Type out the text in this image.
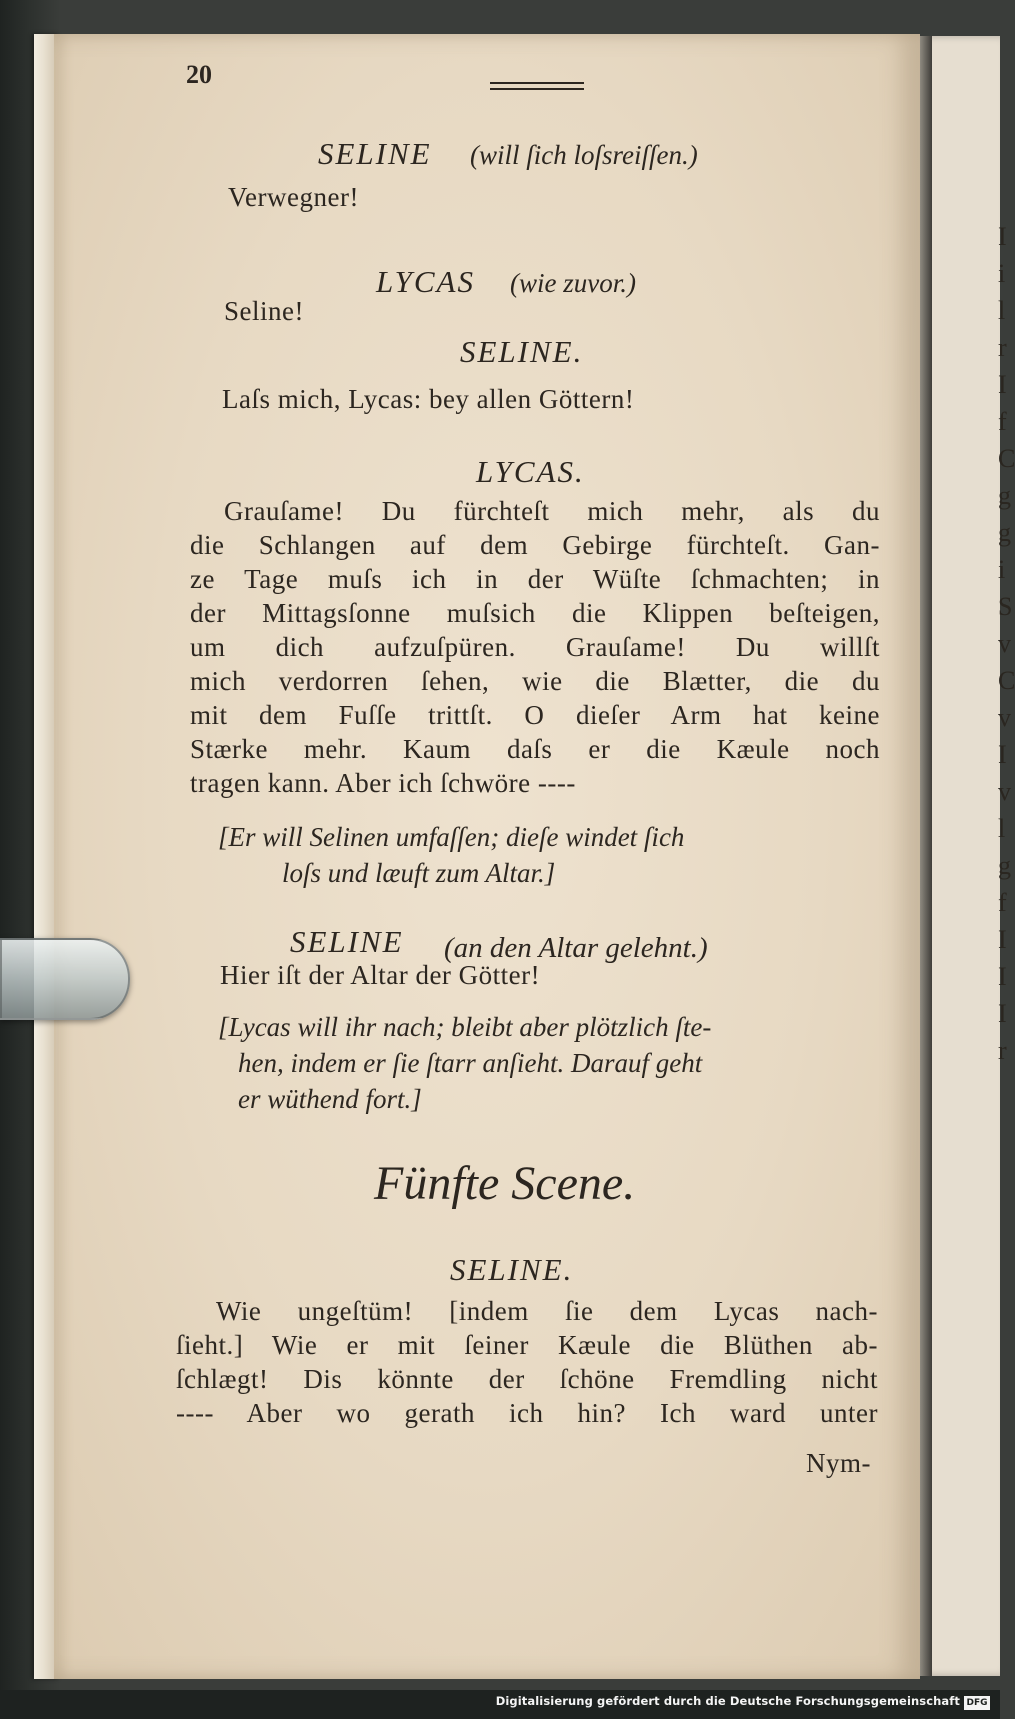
I
i
l
r
I
f
C
g
g
i
S
v
C
v
I
v
l
g
f
I
I
I
r
20
SELINE (will ſich loſsreiſſen.)
Verwegner!
LYCAS (wie zuvor.)
Seline!
SELINE.
Laſs mich, Lycas: bey allen Göttern!
LYCAS.
Grauſame! Du fürchteſt mich mehr, als du
die Schlangen auf dem Gebirge fürchteſt. Gan-
ze Tage muſs ich in der Wüſte ſchmachten; in
der Mittagsſonne muſsich die Klippen beſteigen,
um dich aufzuſpüren. Grauſame! Du willſt
mich verdorren ſehen, wie die Blætter, die du
mit dem Fuſſe trittſt. O dieſer Arm hat keine
Stærke mehr. Kaum daſs er die Kæule noch
tragen kann. Aber ich ſchwöre ----
[Er will Selinen umfaſſen; dieſe windet ſich
loſs und læuft zum Altar.]
SELINE (an den Altar gelehnt.)
Hier iſt der Altar der Götter!
[Lycas will ihr nach; bleibt aber plötzlich ſte-
hen, indem er ſie ſtarr anſieht. Darauf geht
er wüthend fort.]
Fünfte Scene.
SELINE.
Wie ungeſtüm! [indem ſie dem Lycas nach-
ſieht.] Wie er mit ſeiner Kæule die Blüthen ab-
ſchlægt! Dis könnte der ſchöne Fremdling nicht
---- Aber wo gerath ich hin? Ich ward unter
Nym-
Digitalisierung gefördert durch die Deutsche Forschungsgemeinschaft DFG
